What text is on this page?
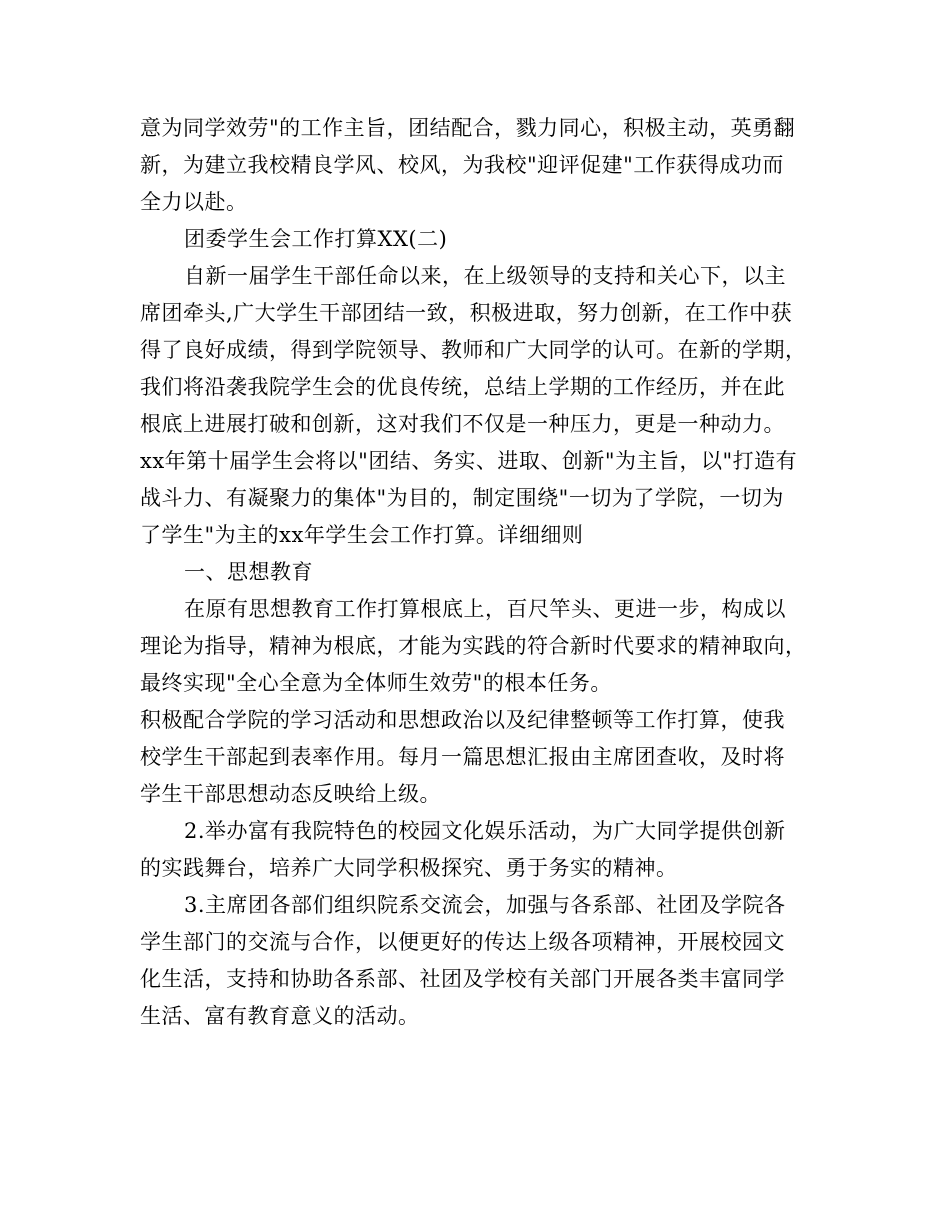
意为同学效劳"的工作主旨，团结配合，戮力同心，积极主动，英勇翻
新，为建立我校精良学风、校风，为我校"迎评促建"工作获得成功而
全力以赴。
团委学生会工作打算XX(二)
自新一届学生干部任命以来，在上级领导的支持和关心下，以主
席团牵头,广大学生干部团结一致，积极进取，努力创新，在工作中获
得了良好成绩，得到学院领导、教师和广大同学的认可。在新的学期，
我们将沿袭我院学生会的优良传统，总结上学期的工作经历，并在此
根底上进展打破和创新，这对我们不仅是一种压力，更是一种动力。
xx年第十届学生会将以"团结、务实、进取、创新"为主旨，以"打造有
战斗力、有凝聚力的集体"为目的，制定围绕"一切为了学院，一切为
了学生"为主的xx年学生会工作打算。详细细则
一、思想教育
在原有思想教育工作打算根底上，百尺竿头、更进一步，构成以
理论为指导，精神为根底，才能为实践的符合新时代要求的精神取向，
最终实现"全心全意为全体师生效劳"的根本任务。
积极配合学院的学习活动和思想政治以及纪律整顿等工作打算，使我
校学生干部起到表率作用。每月一篇思想汇报由主席团查收，及时将
学生干部思想动态反映给上级。
2.举办富有我院特色的校园文化娱乐活动，为广大同学提供创新
的实践舞台，培养广大同学积极探究、勇于务实的精神。
3.主席团各部们组织院系交流会，加强与各系部、社团及学院各
学生部门的交流与合作，以便更好的传达上级各项精神，开展校园文
化生活，支持和协助各系部、社团及学校有关部门开展各类丰富同学
生活、富有教育意义的活动。
